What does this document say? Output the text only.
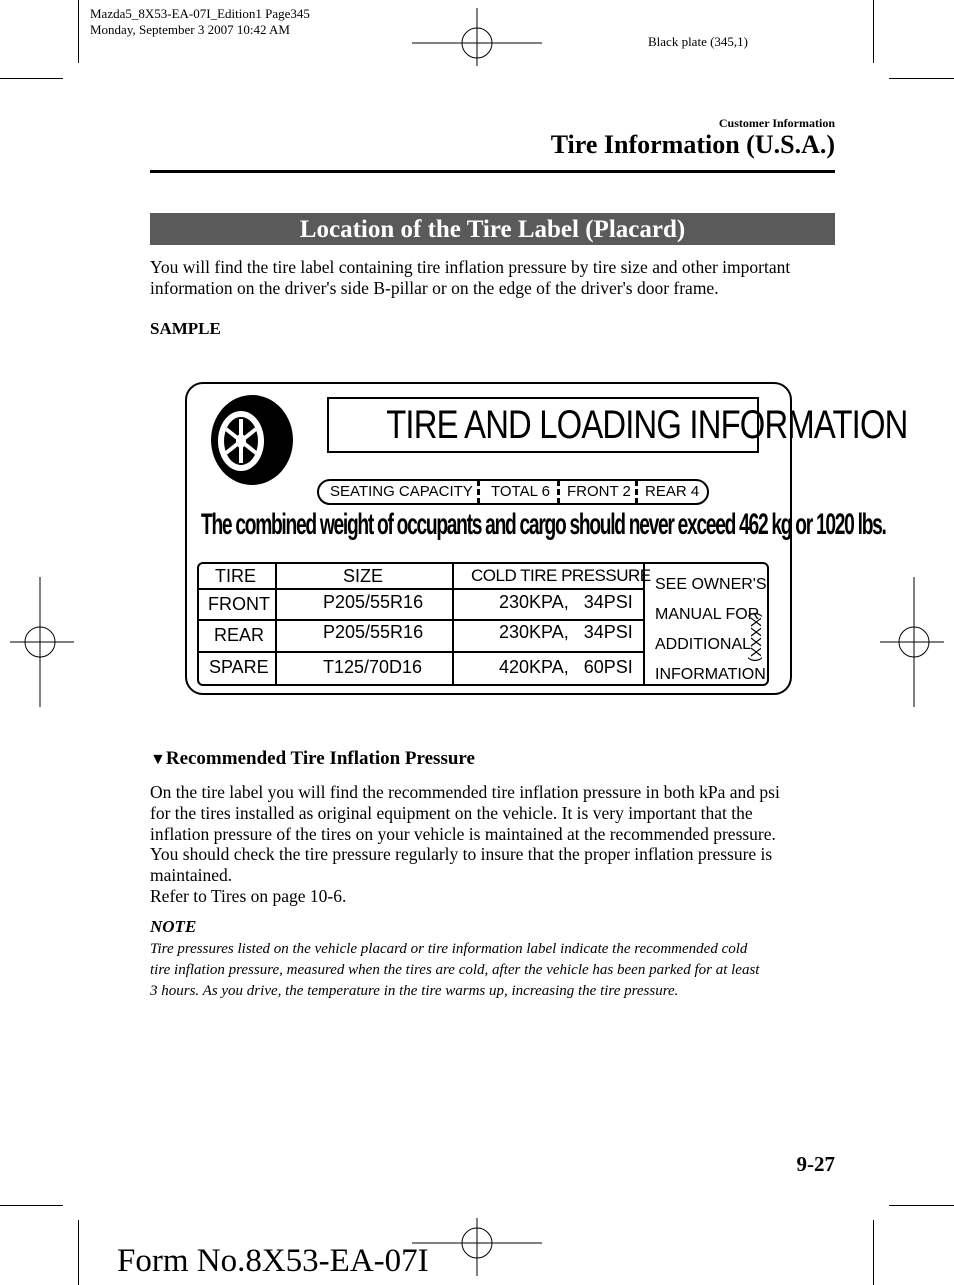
Mazda5_8X53-EA-07I_Edition1 Page345
Monday, September 3 2007 10:42 AM
Black plate (345,1)
Customer Information
Tire Information (U.S.A.)
Location of the Tire Label (Placard)
You will find the tire label containing tire inflation pressure by tire size and other important
information on the driver's side B-pillar or on the edge of the driver's door frame.
SAMPLE
TIRE AND LOADING INFORMATION
SEATING CAPACITY TOTAL 6 FRONT 2 REAR 4
The combined weight of occupants and cargo should never exceed 462 kg or 1020 lbs.
TIRE	SIZE	COLD TIRE PRESSURE
FRONT	P205/55R16	230KPA,   34PSI
REAR	P205/55R16	230KPA,   34PSI
SPARE	T125/70D16	420KPA,   60PSI
SEE OWNER'S
MANUAL FOR
ADDITIONAL
INFORMATION
(XXXX)
▼Recommended Tire Inflation Pressure
On the tire label you will find the recommended tire inflation pressure in both kPa and psi
for the tires installed as original equipment on the vehicle. It is very important that the
inflation pressure of the tires on your vehicle is maintained at the recommended pressure.
You should check the tire pressure regularly to insure that the proper inflation pressure is
maintained.
Refer to Tires on page 10-6.
NOTE
Tire pressures listed on the vehicle placard or tire information label indicate the recommended cold
tire inflation pressure, measured when the tires are cold, after the vehicle has been parked for at least
3 hours. As you drive, the temperature in the tire warms up, increasing the tire pressure.
9-27
Form No.8X53-EA-07I
